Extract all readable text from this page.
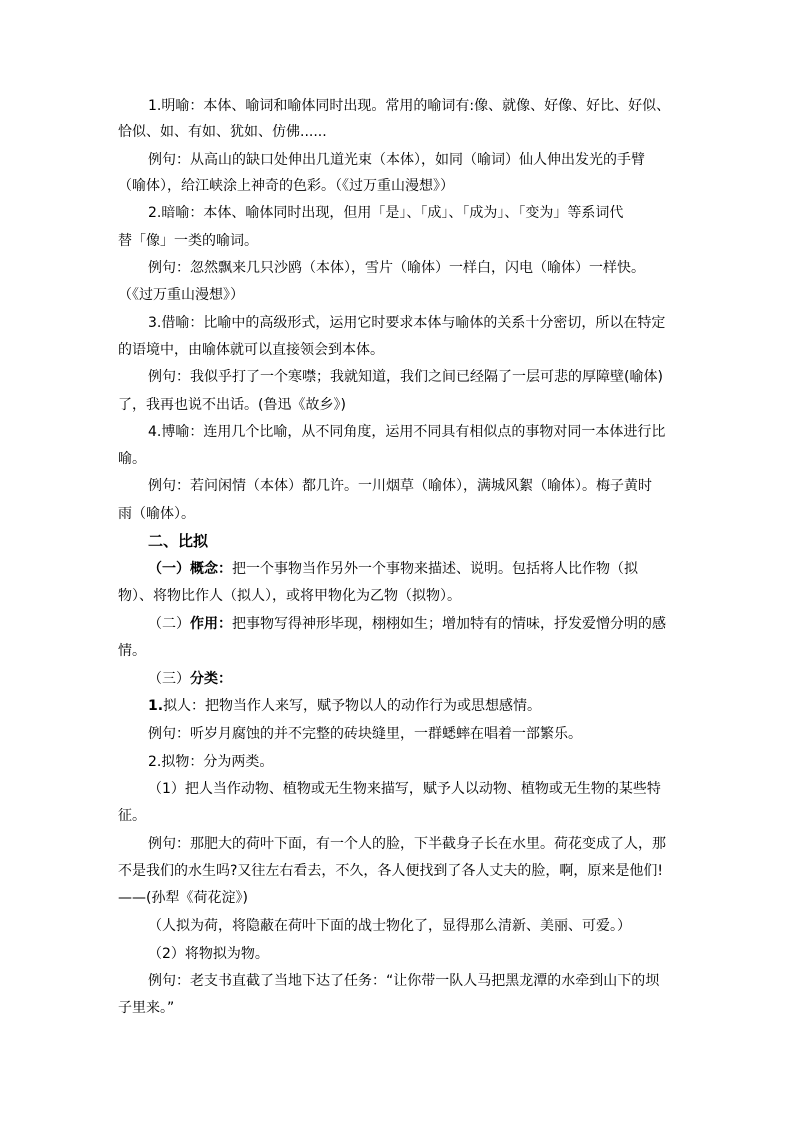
1.明喻：本体、喻词和喻体同时出现。常用的喻词有:像、就像、好像、好比、好似、
恰似、如、有如、犹如、仿佛......
例句：从高山的缺口处伸出几道光束（本体），如同（喻词）仙人伸出发光的手臂
（喻体），给江峡涂上神奇的色彩。（《过万重山漫想》）
2.暗喻：本体、喻体同时出现，但用「是」、「成」、「成为」、「变为」等系词代
替「像」一类的喻词。
例句：忽然飘来几只沙鸥（本体），雪片（喻体）一样白，闪电（喻体）一样快。
（《过万重山漫想》）
3.借喻：比喻中的高级形式，运用它时要求本体与喻体的关系十分密切，所以在特定
的语境中，由喻体就可以直接领会到本体。
例句：我似乎打了一个寒噤；我就知道，我们之间已经隔了一层可悲的厚障壁(喻体)
了，我再也说不出话。(鲁迅《故乡》)
4.博喻：连用几个比喻，从不同角度，运用不同具有相似点的事物对同一本体进行比
喻。
例句：若问闲情（本体）都几许。一川烟草（喻体），满城风絮（喻体）。梅子黄时
雨（喻体）。
二、比拟
（一）概念：把一个事物当作另外一个事物来描述、说明。包括将人比作物（拟
物）、将物比作人（拟人），或将甲物化为乙物（拟物）。
（二）作用：把事物写得神形毕现，栩栩如生；增加特有的情味，抒发爱憎分明的感
情。
（三）分类：
1.拟人：把物当作人来写，赋予物以人的动作行为或思想感情。
例句：听岁月腐蚀的并不完整的砖块缝里，一群蟋蟀在唱着一部繁乐。
2.拟物：分为两类。
（1）把人当作动物、植物或无生物来描写，赋予人以动物、植物或无生物的某些特
征。
例句：那肥大的荷叶下面，有一个人的脸，下半截身子长在水里。荷花变成了人，那
不是我们的水生吗?又往左右看去，不久，各人便找到了各人丈夫的脸，啊，原来是他们!
——(孙犁《荷花淀》)
（人拟为荷，将隐蔽在荷叶下面的战士物化了，显得那么清新、美丽、可爱。）
（2）将物拟为物。
例句：老支书直截了当地下达了任务：“让你带一队人马把黑龙潭的水牵到山下的坝
子里来。”
